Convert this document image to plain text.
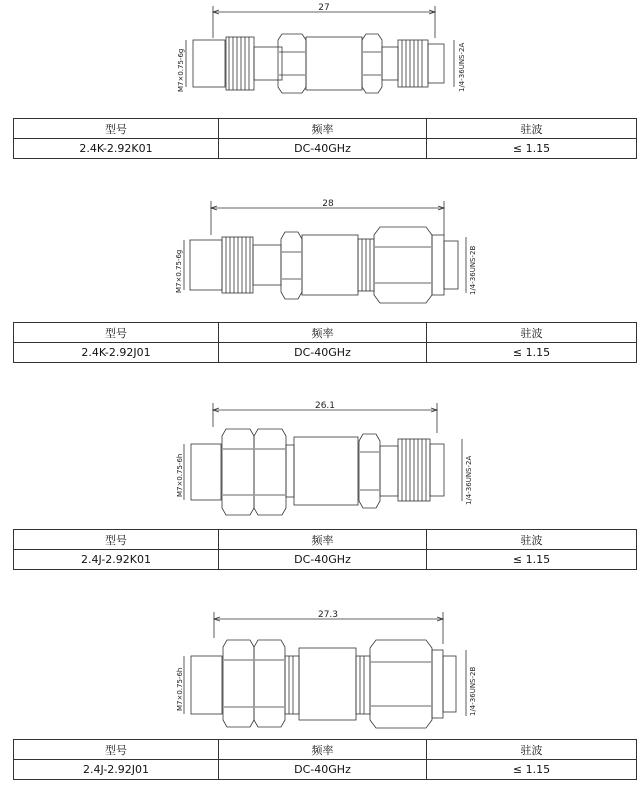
27
M7×0.75-6g	1/4-36UNS-2A
型号	频率	驻波
2.4K-2.92K01	DC-40GHz	≤ 1.15
28
M7×0.75-6g	1/4-36UNS-2B
型号	频率	驻波
2.4K-2.92J01	DC-40GHz	≤ 1.15
26.1
M7×0.75-6h	1/4-36UNS-2A
型号	频率	驻波
2.4J-2.92K01	DC-40GHz	≤ 1.15
27.3
M7×0.75-6h	1/4-36UNS-2B
型号	频率	驻波
2.4J-2.92J01	DC-40GHz	≤ 1.15
